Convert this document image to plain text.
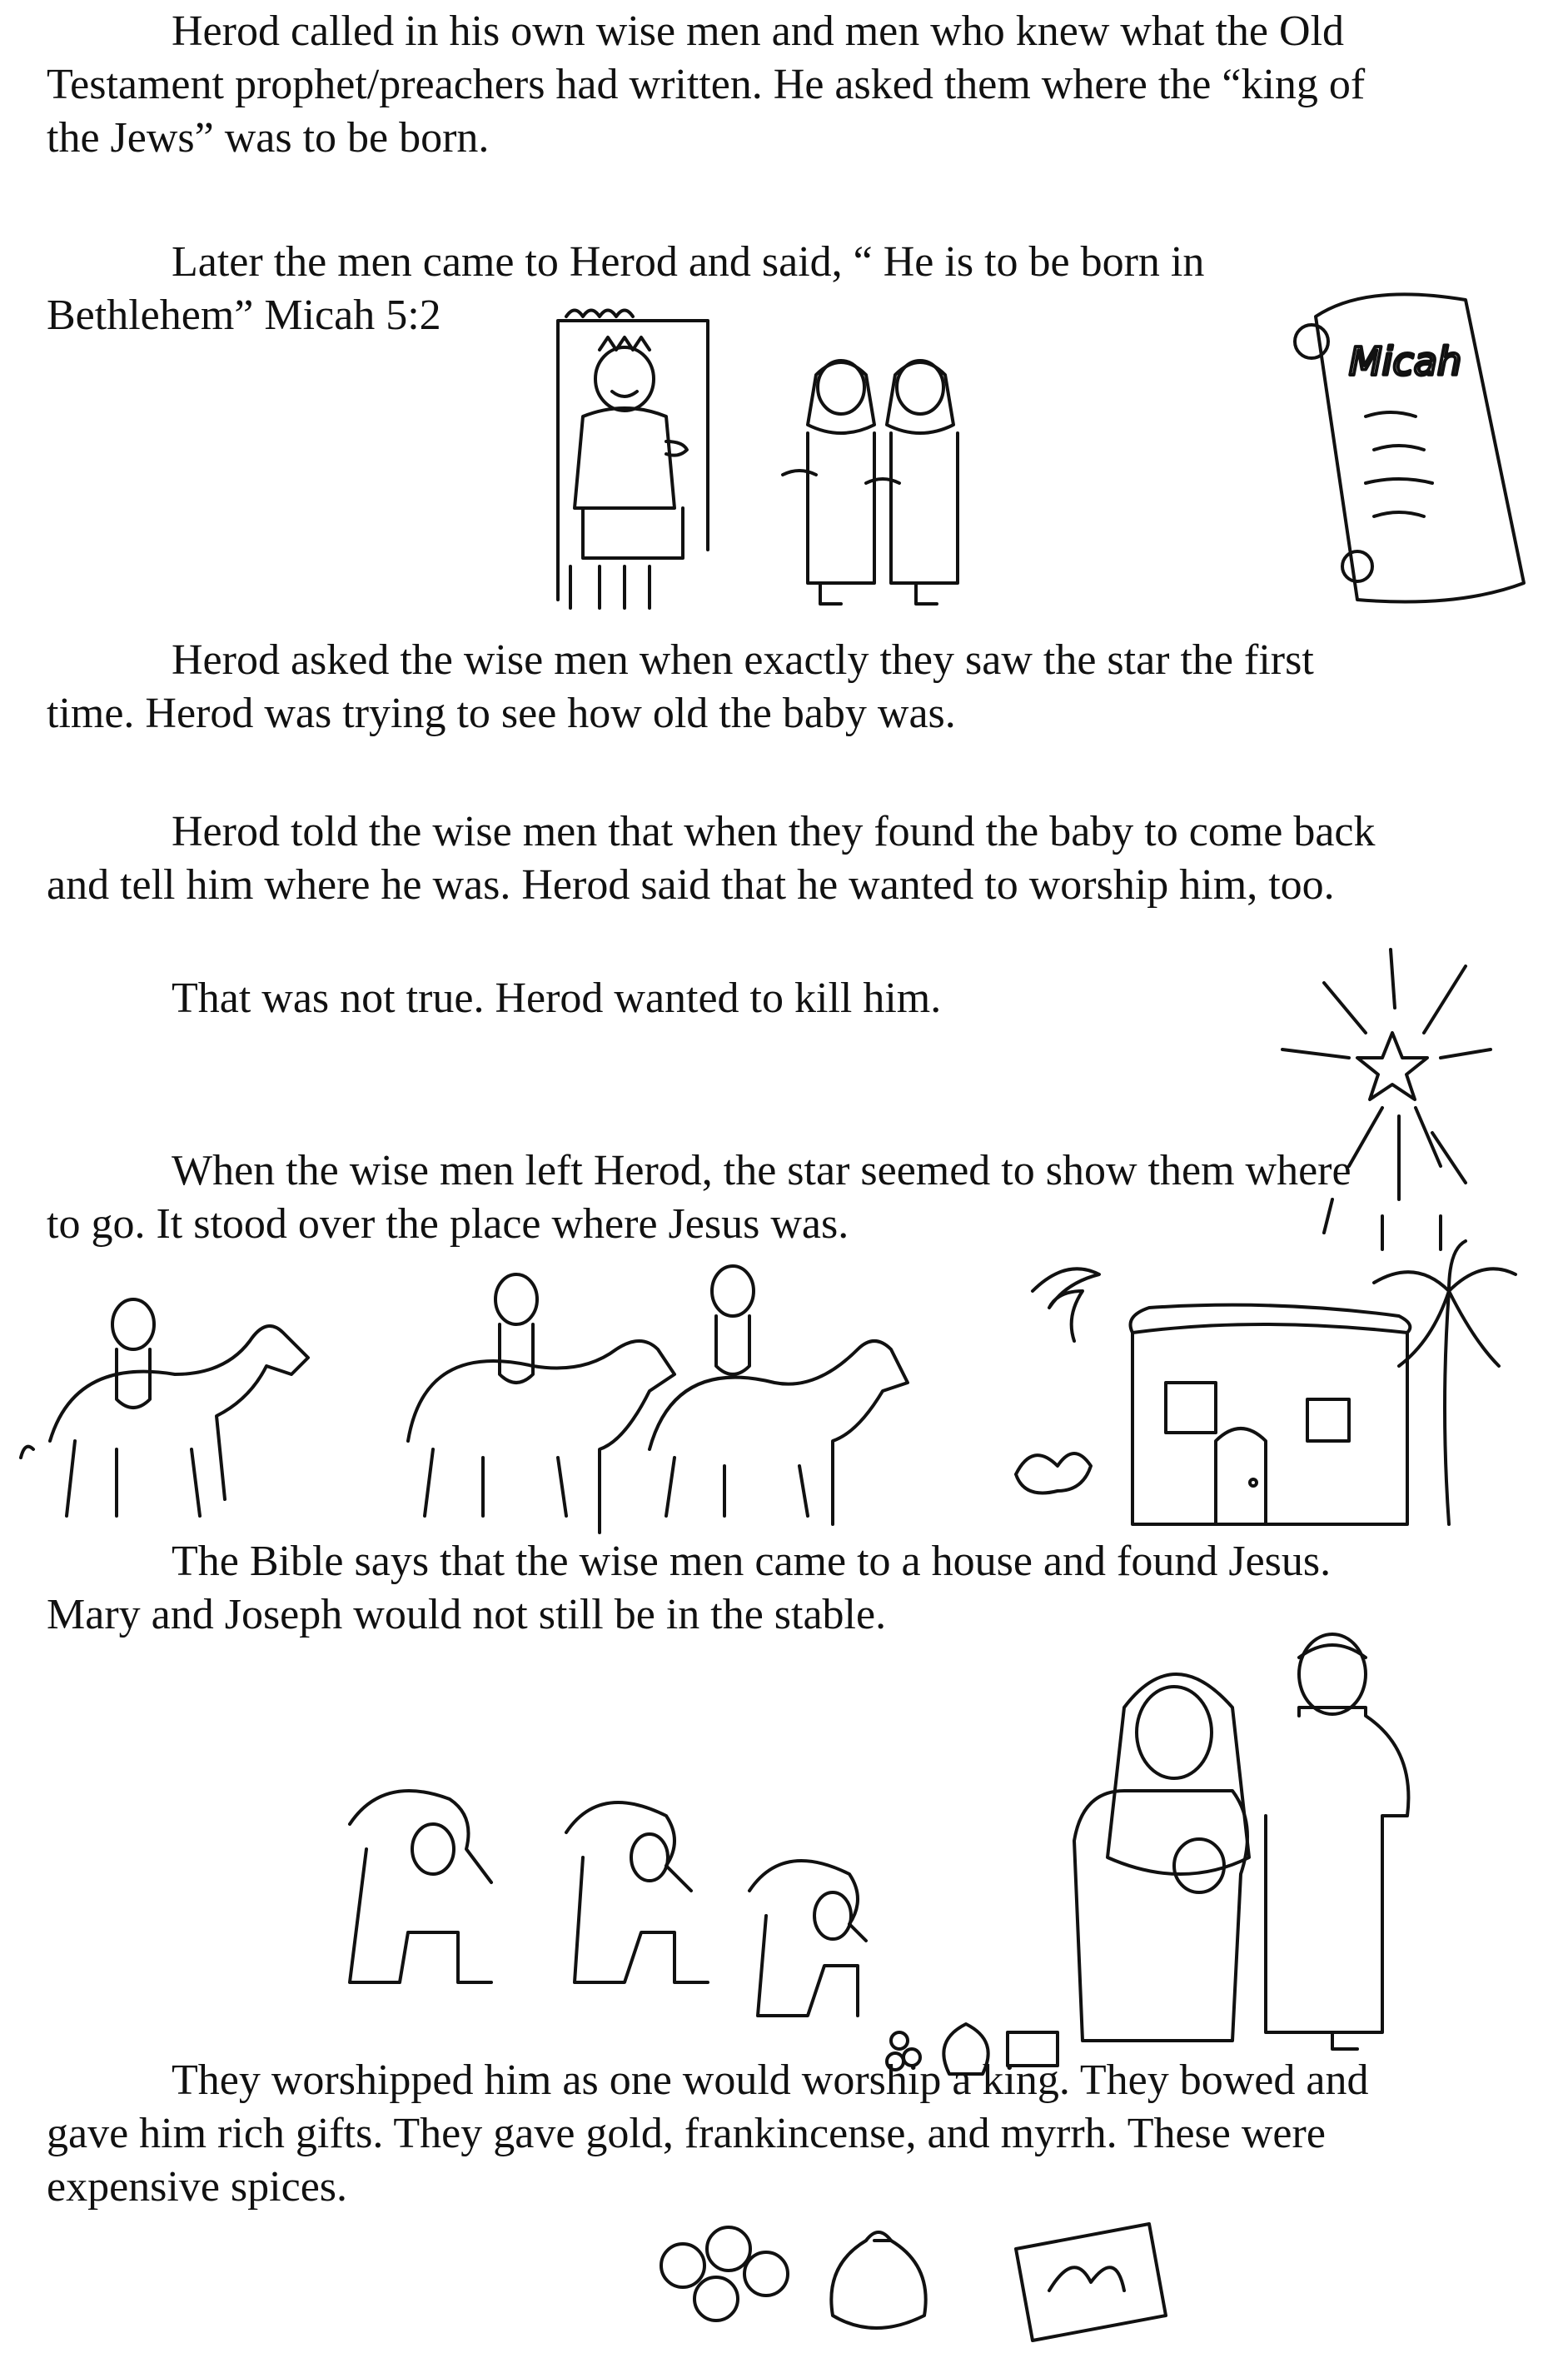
Herod called in his own wise men and men who knew what the Old
Testament prophet/preachers had written. He asked them where the “king of
the Jews” was to be born.

Later the men came to Herod and said, “ He is to be born in
Bethlehem” Micah 5:2

Micah

Herod asked the wise men when exactly they saw the star the first
time. Herod was trying to see how old the baby was.

Herod told the wise men that when they found the baby to come back
and tell him where he was. Herod said that he wanted to worship him, too.

That was not true. Herod wanted to kill him.

When the wise men left Herod, the star seemed to show them where
to go. It stood over the place where Jesus was.

The Bible says that the wise men came to a house and found Jesus.
Mary and Joseph would not still be in the stable.

They worshipped him as one would worship a king. They bowed and
gave him rich gifts. They gave gold, frankincense, and myrrh. These were
expensive spices.
